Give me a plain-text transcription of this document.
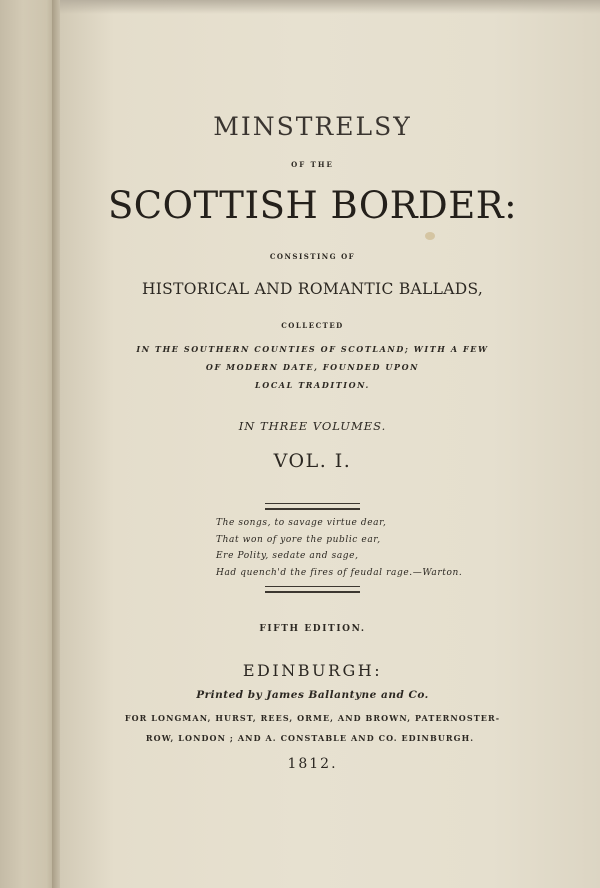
MINSTRELSY
OF THE
SCOTTISH BORDER:
CONSISTING OF
HISTORICAL AND ROMANTIC BALLADS,
COLLECTED
IN THE SOUTHERN COUNTIES OF SCOTLAND; WITH A FEW
OF MODERN DATE, FOUNDED UPON
LOCAL TRADITION.
IN THREE VOLUMES.
VOL. I.
The songs, to savage virtue dear,
That won of yore the public ear,
Ere Polity, sedate and sage,
Had quench'd the fires of feudal rage.—Warton.
FIFTH EDITION.
EDINBURGH:
Printed by James Ballantyne and Co.
FOR LONGMAN, HURST, REES, ORME, AND BROWN, PATERNOSTER-
ROW, LONDON ; AND A. CONSTABLE AND CO. EDINBURGH.
1812.
